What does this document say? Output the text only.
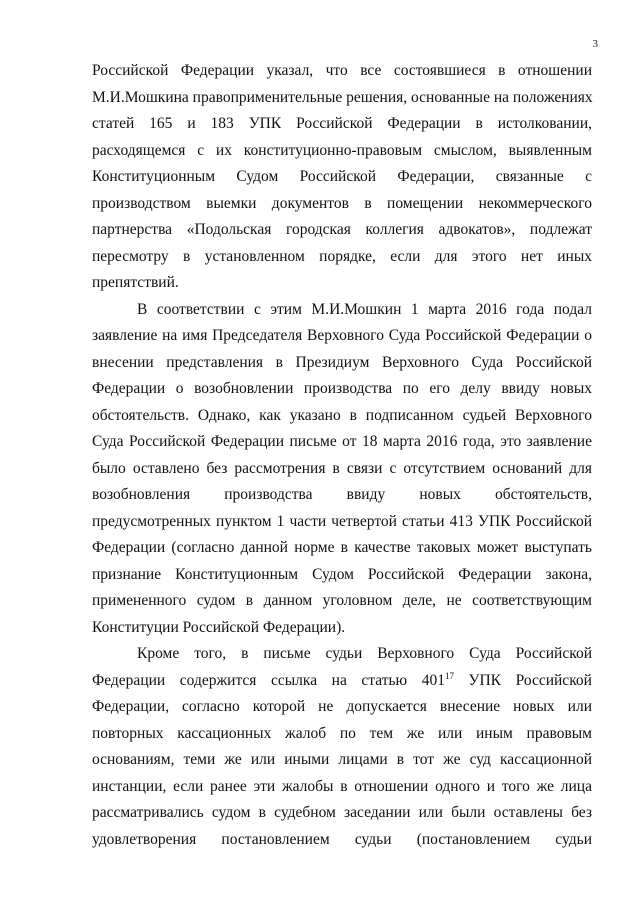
3
Российской Федерации указал, что все состоявшиеся в отношении
М.И.Мошкина правоприменительные решения, основанные на положениях
статей 165 и 183 УПК Российской Федерации в истолковании,
расходящемся с их конституционно-правовым смыслом, выявленным
Конституционным Судом Российской Федерации, связанные с
производством выемки документов в помещении некоммерческого
партнерства «Подольская городская коллегия адвокатов», подлежат
пересмотру в установленном порядке, если для этого нет иных
препятствий.
В соответствии с этим М.И.Мошкин 1 марта 2016 года подал
заявление на имя Председателя Верховного Суда Российской Федерации о
внесении представления в Президиум Верховного Суда Российской
Федерации о возобновлении производства по его делу ввиду новых
обстоятельств. Однако, как указано в подписанном судьей Верховного
Суда Российской Федерации письме от 18 марта 2016 года, это заявление
было оставлено без рассмотрения в связи с отсутствием оснований для
возобновления производства ввиду новых обстоятельств,
предусмотренных пунктом 1 части четвертой статьи 413 УПК Российской
Федерации (согласно данной норме в качестве таковых может выступать
признание Конституционным Судом Российской Федерации закона,
примененного судом в данном уголовном деле, не соответствующим
Конституции Российской Федерации).
Кроме того, в письме судьи Верховного Суда Российской
Федерации содержится ссылка на статью $401^{17}$ УПК Российской
Федерации, согласно которой не допускается внесение новых или
повторных кассационных жалоб по тем же или иным правовым
основаниям, теми же или иными лицами в тот же суд кассационной
инстанции, если ранее эти жалобы в отношении одного и того же лица
рассматривались судом в судебном заседании или были оставлены без
удовлетворения постановлением судьи (постановлением судьи
